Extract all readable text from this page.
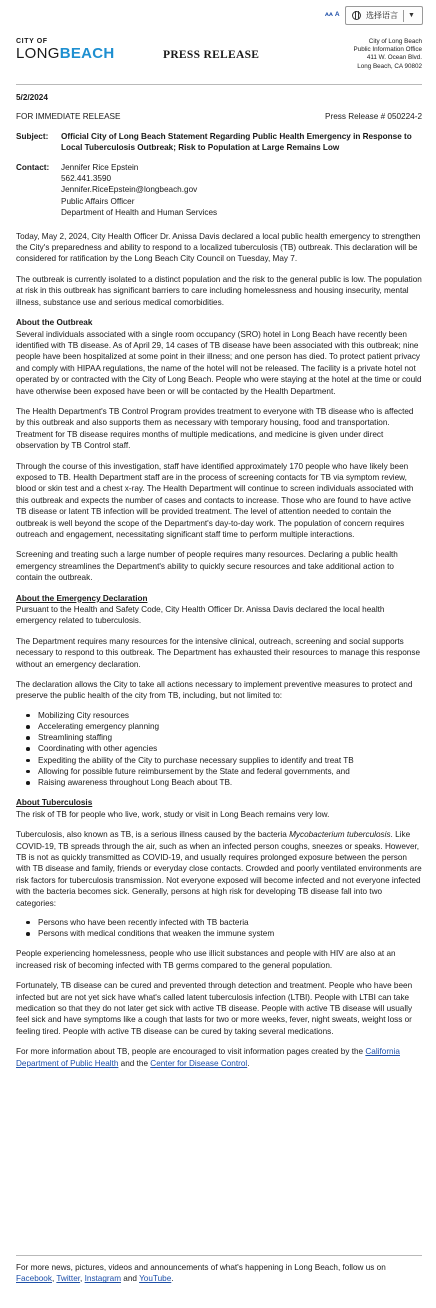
ᴀᴀ A	选择语言 ▼
CITY OF
LONGBEACH	PRESS RELEASE
City of Long Beach
Public Information Office
411 W. Ocean Blvd.
Long Beach, CA 90802
5/2/2024
FOR IMMEDIATE RELEASE	Press Release # 050224-2
Subject:	Official City of Long Beach Statement Regarding Public Health Emergency in Response to Local Tuberculosis Outbreak; Risk to Population at Large Remains Low
Contact:	Jennifer Rice Epstein
562.441.3590
Jennifer.RiceEpstein@longbeach.gov
Public Affairs Officer
Department of Health and Human Services

Today, May 2, 2024, City Health Officer Dr. Anissa Davis declared a local public health emergency to strengthen the City's preparedness and ability to respond to a localized tuberculosis (TB) outbreak. This declaration will be considered for ratification by the Long Beach City Council on Tuesday, May 7.

The outbreak is currently isolated to a distinct population and the risk to the general public is low. The population at risk in this outbreak has significant barriers to care including homelessness and housing insecurity, mental illness, substance use and serious medical comorbidities.

About the Outbreak

Several individuals associated with a single room occupancy (SRO) hotel in Long Beach have recently been identified with TB disease. As of April 29, 14 cases of TB disease have been associated with this outbreak; nine people have been hospitalized at some point in their illness; and one person has died. To protect patient privacy and comply with HIPAA regulations, the name of the hotel will not be released. The facility is a private hotel not operated by or contracted with the City of Long Beach. People who were staying at the hotel at the time or could have otherwise been exposed have been or will be contacted by the Health Department.

The Health Department's TB Control Program provides treatment to everyone with TB disease who is affected by this outbreak and also supports them as necessary with temporary housing, food and transportation. Treatment for TB disease requires months of multiple medications, and medicine is given under direct observation by TB Control staff.

Through the course of this investigation, staff have identified approximately 170 people who have likely been exposed to TB. Health Department staff are in the process of screening contacts for TB via symptom review, blood or skin test and a chest x-ray. The Health Department will continue to screen individuals associated with this outbreak and expects the number of cases and contacts to increase. Those who are found to have active TB disease or latent TB infection will be provided treatment. The level of attention needed to contain the outbreak is well beyond the scope of the Department's day-to-day work. The population of concern requires outreach and engagement, necessitating significant staff time to perform multiple interactions.

Screening and treating such a large number of people requires many resources. Declaring a public health emergency streamlines the Department's ability to quickly secure resources and take additional action to contain the outbreak.

About the Emergency Declaration

Pursuant to the Health and Safety Code, City Health Officer Dr. Anissa Davis declared the local health emergency related to tuberculosis.

The Department requires many resources for the intensive clinical, outreach, screening and social supports necessary to respond to this outbreak. The Department has exhausted their resources to manage this response without an emergency declaration.

The declaration allows the City to take all actions necessary to implement preventive measures to protect and preserve the public health of the city from TB, including, but not limited to:

Mobilizing City resources
Accelerating emergency planning
Streamlining staffing
Coordinating with other agencies
Expediting the ability of the City to purchase necessary supplies to identify and treat TB
Allowing for possible future reimbursement by the State and federal governments, and
Raising awareness throughout Long Beach about TB.
About Tuberculosis

The risk of TB for people who live, work, study or visit in Long Beach remains very low.

Tuberculosis, also known as TB, is a serious illness caused by the bacteria Mycobacterium tuberculosis. Like COVID-19, TB spreads through the air, such as when an infected person coughs, sneezes or speaks. However, TB is not as quickly transmitted as COVID-19, and usually requires prolonged exposure between the person with TB disease and family, friends or everyday close contacts. Crowded and poorly ventilated environments are risk factors for tuberculosis transmission. Not everyone exposed will become infected and not everyone infected with the bacteria becomes sick. Generally, persons at high risk for developing TB disease fall into two categories:

Persons who have been recently infected with TB bacteria
Persons with medical conditions that weaken the immune system

People experiencing homelessness, people who use illicit substances and people with HIV are also at an increased risk of becoming infected with TB germs compared to the general population.

Fortunately, TB disease can be cured and prevented through detection and treatment. People who have been infected but are not yet sick have what's called latent tuberculosis infection (LTBI). People with LTBI can take medication so that they do not later get sick with active TB disease. People with active TB disease will usually feel sick and have symptoms like a cough that lasts for two or more weeks, fever, night sweats, weight loss or feeling tired. People with active TB disease can be cured by taking several medications.

For more information about TB, people are encouraged to visit information pages created by the California Department of Public Health and the Center for Disease Control.

For more news, pictures, videos and announcements of what's happening in Long Beach, follow us on Facebook, Twitter, Instagram and YouTube.
